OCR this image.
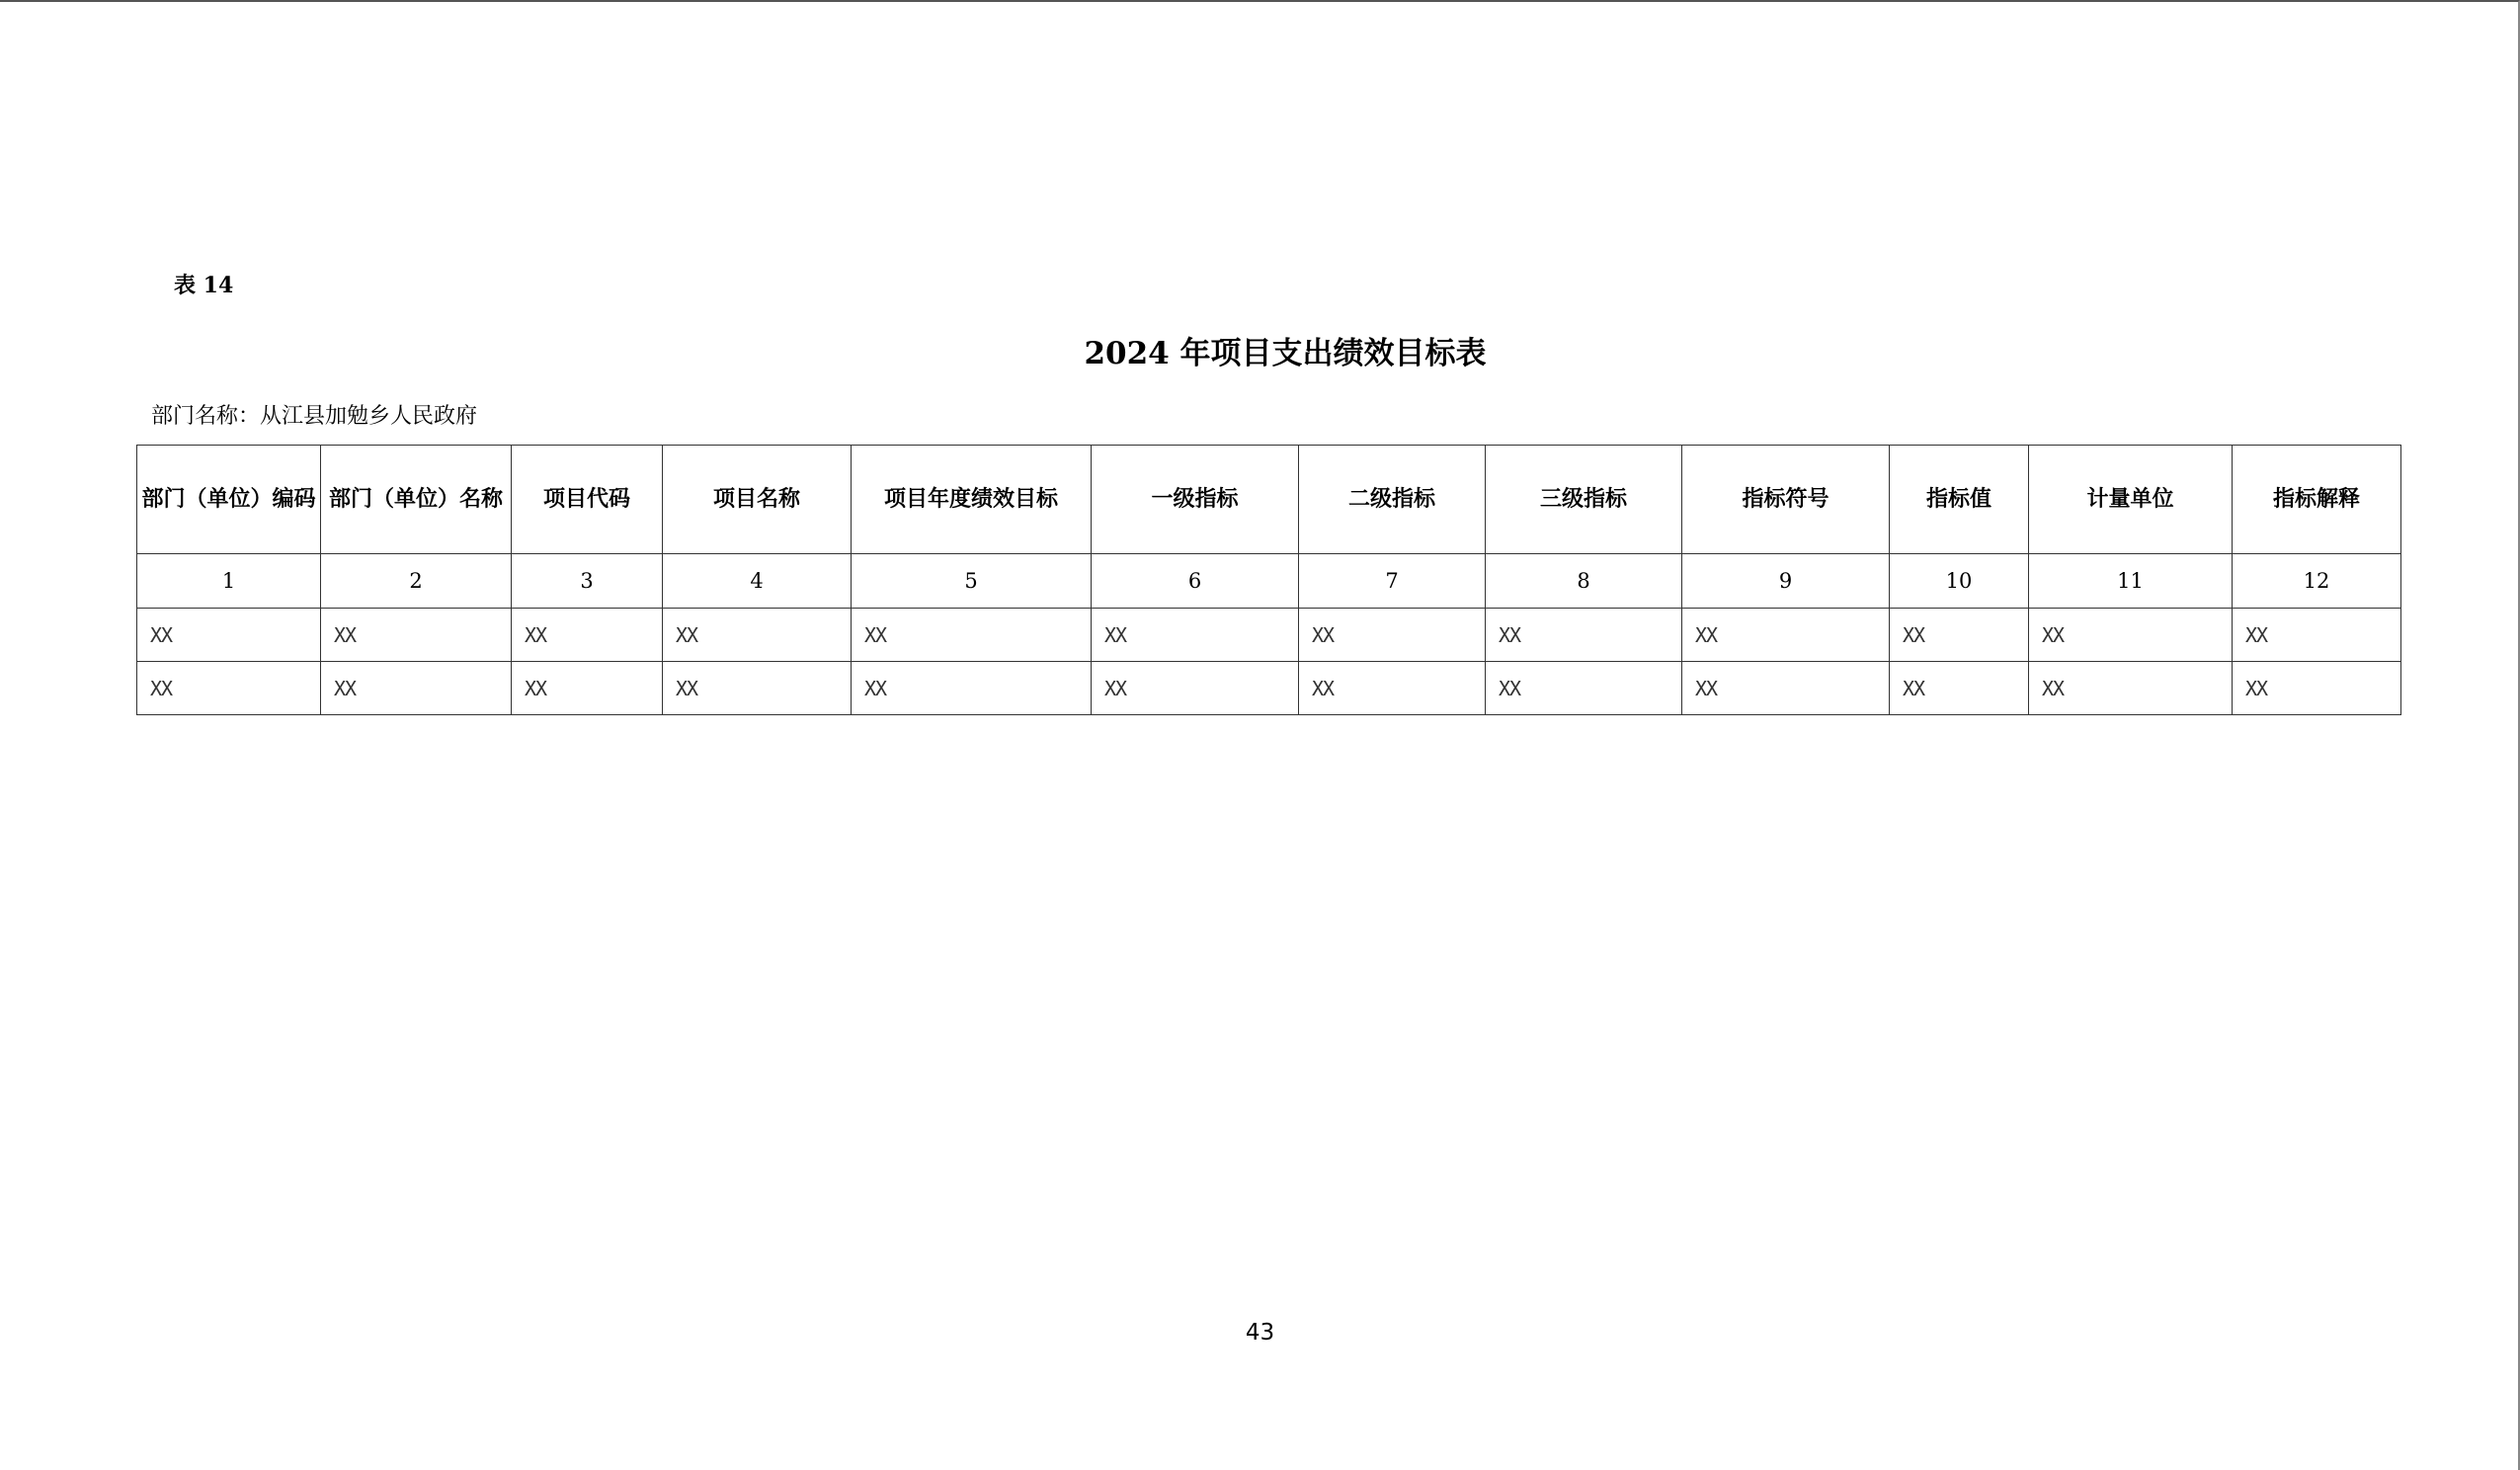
表 14
2024 年项目支出绩效目标表
部门名称：从江县加勉乡人民政府
部门（单位）编码	部门（单位）名称	项目代码	项目名称	项目年度绩效目标	一级指标	二级指标	三级指标	指标符号	指标值	计量单位	指标解释
1	2	3	4	5	6	7	8	9	10	11	12
XX	XX	XX	XX	XX	XX	XX	XX	XX	XX	XX	XX
XX	XX	XX	XX	XX	XX	XX	XX	XX	XX	XX	XX
43
